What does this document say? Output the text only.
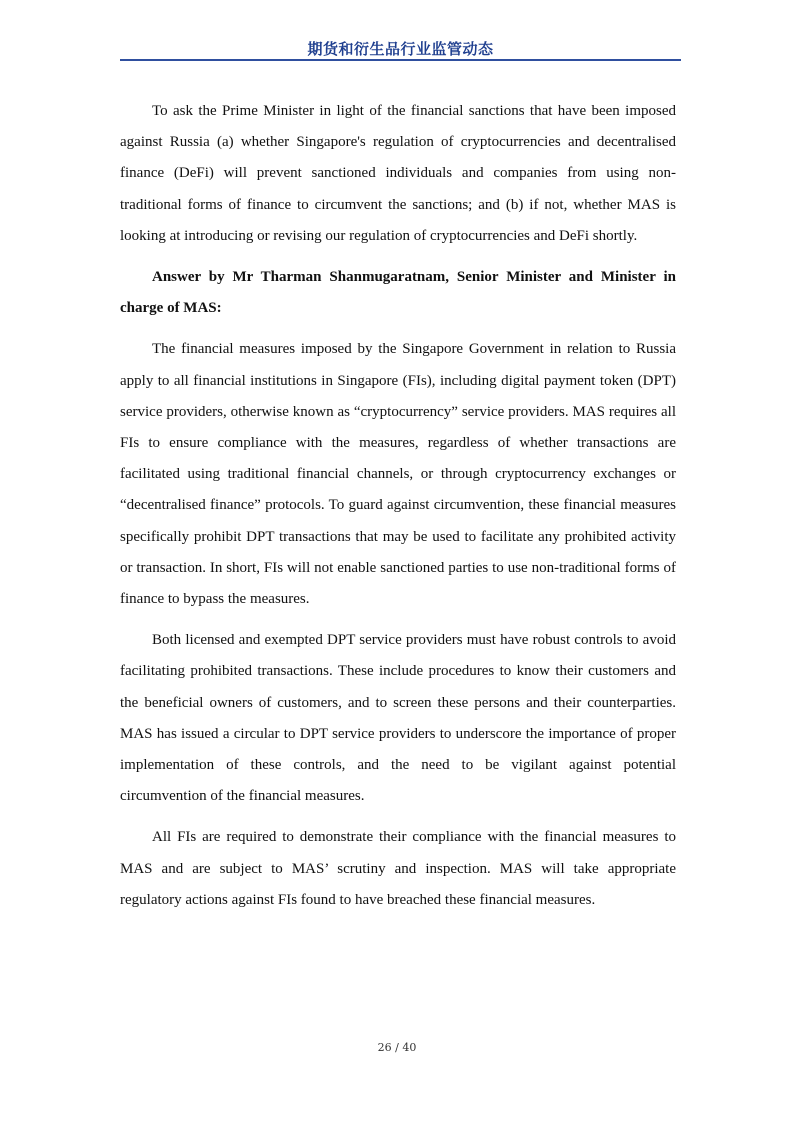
期货和衍生品行业监管动态

To ask the Prime Minister in light of the financial sanctions that have been imposed against Russia (a) whether Singapore's regulation of cryptocurrencies and decentralised finance (DeFi) will prevent sanctioned individuals and companies from using non-traditional forms of finance to circumvent the sanctions; and (b) if not, whether MAS is looking at introducing or revising our regulation of cryptocurrencies and DeFi shortly.

Answer by Mr Tharman Shanmugaratnam, Senior Minister and Minister in charge of MAS:

The financial measures imposed by the Singapore Government in relation to Russia apply to all financial institutions in Singapore (FIs), including digital payment token (DPT) service providers, otherwise known as “cryptocurrency” service providers. MAS requires all FIs to ensure compliance with the measures, regardless of whether transactions are facilitated using traditional financial channels, or through cryptocurrency exchanges or “decentralised finance” protocols. To guard against circumvention, these financial measures specifically prohibit DPT transactions that may be used to facilitate any prohibited activity or transaction. In short, FIs will not enable sanctioned parties to use non-traditional forms of finance to bypass the measures.

Both licensed and exempted DPT service providers must have robust controls to avoid facilitating prohibited transactions. These include procedures to know their customers and the beneficial owners of customers, and to screen these persons and their counterparties. MAS has issued a circular to DPT service providers to underscore the importance of proper implementation of these controls, and the need to be vigilant against potential circumvention of the financial measures.

All FIs are required to demonstrate their compliance with the financial measures to MAS and are subject to MAS’ scrutiny and inspection. MAS will take appropriate regulatory actions against FIs found to have breached these financial measures.

26 / 40
